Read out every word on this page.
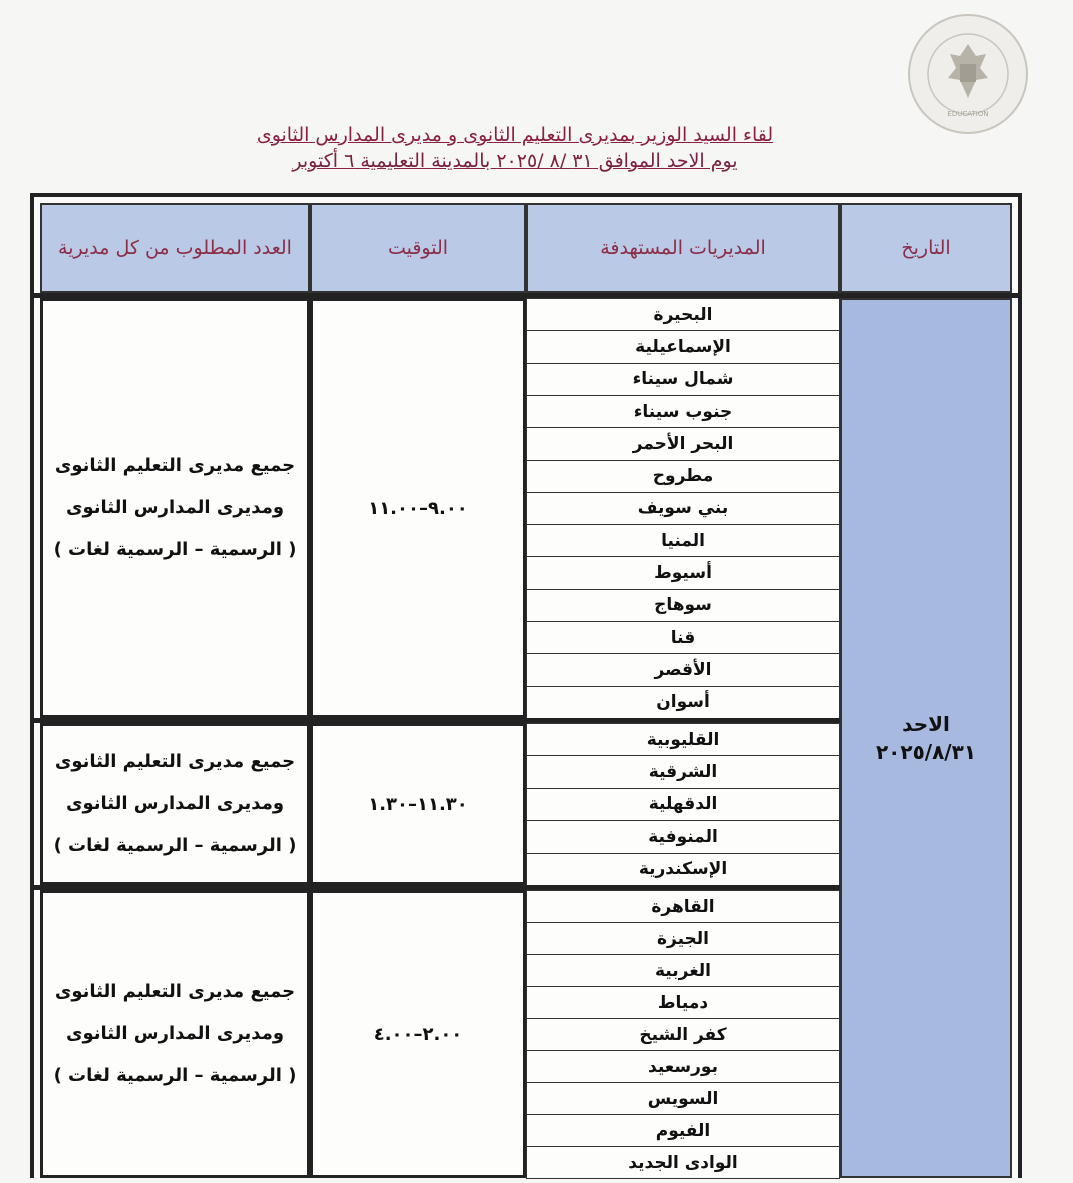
EDUCATION
لقاء السيد الوزير بمديرى التعليم الثانوى و مديرى المدارس الثانوى
يوم الاحد الموافق ٣١ /٨ /٢٠٢٥ بالمدينة التعليمية ٦ أكتوبر
التاريخ
المديريات المستهدفة
التوقيت
العدد المطلوب من كل مديرية
الاحد
٢٠٢٥/٨/٣١
جميع مديرى التعليم الثانوى
ومديرى المدارس الثانوى
( الرسمية – الرسمية لغات )
٩.٠٠–١١.٠٠
البحيرة
الإسماعيلية
شمال سيناء
جنوب سيناء
البحر الأحمر
مطروح
بني سويف
المنيا
أسيوط
سوهاج
قنا
الأقصر
أسوان
جميع مديرى التعليم الثانوى
ومديرى المدارس الثانوى
( الرسمية – الرسمية لغات )
١١.٣٠–١.٣٠
القليوبية
الشرقية
الدقهلية
المنوفية
الإسكندرية
جميع مديرى التعليم الثانوى
ومديرى المدارس الثانوى
( الرسمية – الرسمية لغات )
٢.٠٠–٤.٠٠
القاهرة
الجيزة
الغربية
دمياط
كفر الشيخ
بورسعيد
السويس
الفيوم
الوادى الجديد
